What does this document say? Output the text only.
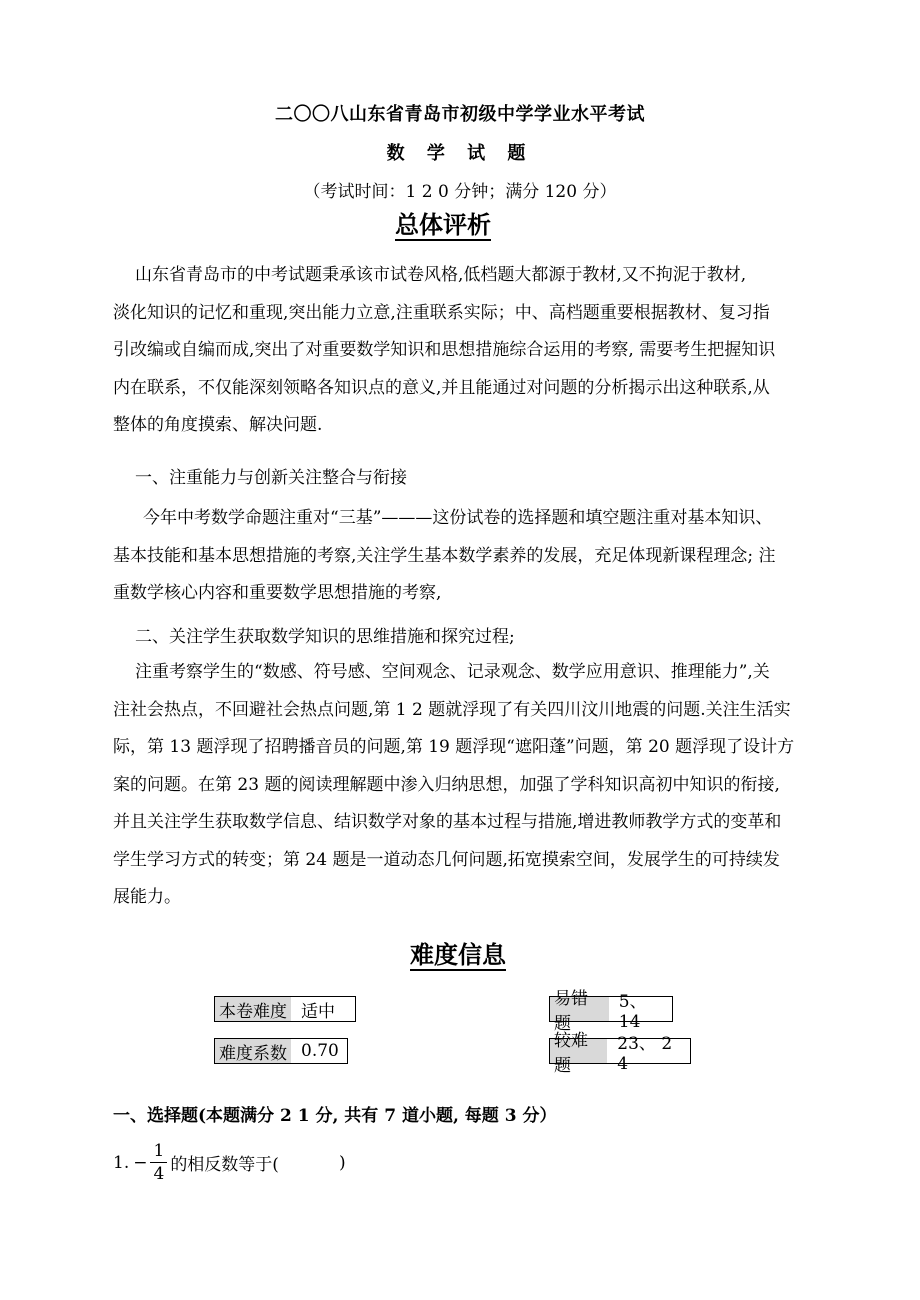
二〇〇八山东省青岛市初级中学学业水平考试
数 学 试 题
（考试时间：1 2 0 分钟；满分 120 分）
总体评析
山东省青岛市的中考试题秉承该市试卷风格,低档题大都源于教材,又不拘泥于教材,
淡化知识的记忆和重现,突出能力立意,注重联系实际；中、高档题重要根据教材、复习指
引改编或自编而成,突出了对重要数学知识和思想措施综合运用的考察, 需要考生把握知识
内在联系，不仅能深刻领略各知识点的意义,并且能通过对问题的分析揭示出这种联系,从
整体的角度摸索、解决问题.
一、注重能力与创新关注整合与衔接
今年中考数学命题注重对“三基”———这份试卷的选择题和填空题注重对基本知识、
基本技能和基本思想措施的考察,关注学生基本数学素养的发展，充足体现新课程理念; 注
重数学核心内容和重要数学思想措施的考察,
二、关注学生获取数学知识的思维措施和探究过程;
注重考察学生的“数感、符号感、空间观念、记录观念、数学应用意识、推理能力”,关
注社会热点，不回避社会热点问题,第 1 2 题就浮现了有关四川汶川地震的问题.关注生活实
际，第 13 题浮现了招聘播音员的问题,第 19 题浮现“遮阳蓬”问题，第 20 题浮现了设计方
案的问题。在第 23 题的阅读理解题中渗入归纳思想，加强了学科知识高初中知识的衔接,
并且关注学生获取数学信息、结识数学对象的基本过程与措施,增进教师教学方式的变革和
学生学习方式的转变；第 24 题是一道动态几何问题,拓宽摸索空间，发展学生的可持续发
展能力。
难度信息
本卷难度 适中
易错题
5、14
难度系数 0.70	较难题
23、 2 4
一、选择题(本题满分 2 1 分, 共有 7 道小题, 每题 3 分）
1. − $\frac{1}{4}$ 的相反数等于(	)
